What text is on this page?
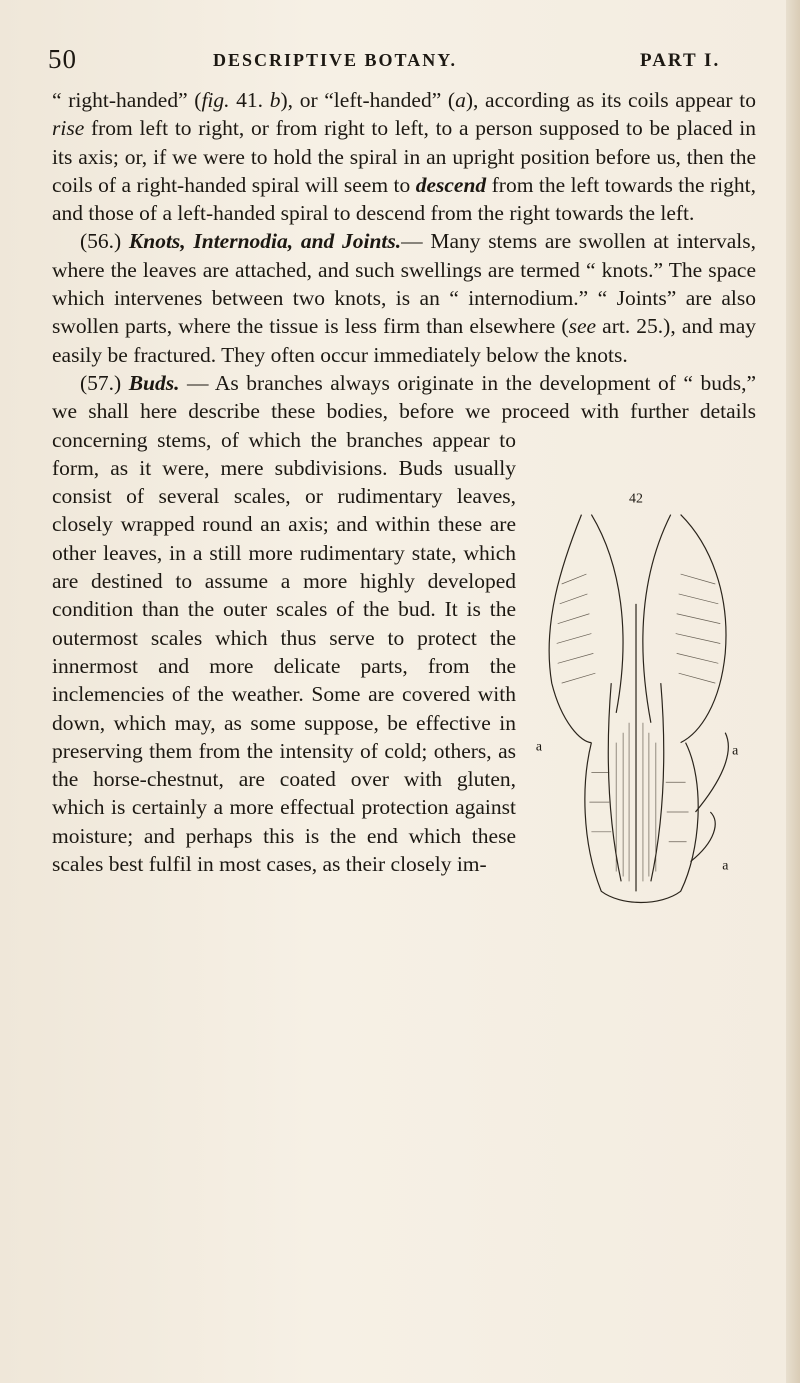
50	DESCRIPTIVE BOTANY.	PART I.

“ right-handed” (fig. 41. b), or “left-handed” (a), according as its coils appear to rise from left to right, or from right to left, to a person supposed to be placed in its axis; or, if we were to hold the spiral in an upright position before us, then the coils of a right-handed spiral will seem to descend from the left towards the right, and those of a left-handed spiral to descend from the right towards the left.

(56.) Knots, Internodia, and Joints.— Many stems are swollen at intervals, where the leaves are attached, and such swellings are termed “ knots.” The space which intervenes between two knots, is an “ internodium.” “ Joints” are also swollen parts, where the tissue is less firm than elsewhere (see art. 25.), and may easily be fractured. They often occur immediately below the knots.

(57.) Buds. — As branches always originate in the development of “ buds,” we shall here describe these bodies, before we proceed with further details concerning stems, of which the branches appear to form, as it were, mere subdivisions. Buds usually consist of several scales, or rudimentary leaves, closely wrapped round an axis; and within these are other leaves, in a still more rudimentary state, which are destined to assume a more highly developed condition than the outer scales of the bud. It is the outermost scales which thus serve to protect the innermost and more delicate parts, from the inclemencies of the weather. Some are covered with down, which may, as some suppose, be effective in preserving them from the intensity of cold; others, as the horse-chestnut, are coated over with gluten, which is certainly a more effectual protection against moisture; and perhaps this is the end which these scales best fulfil in most cases, as their closely im-

42
a	a
a
